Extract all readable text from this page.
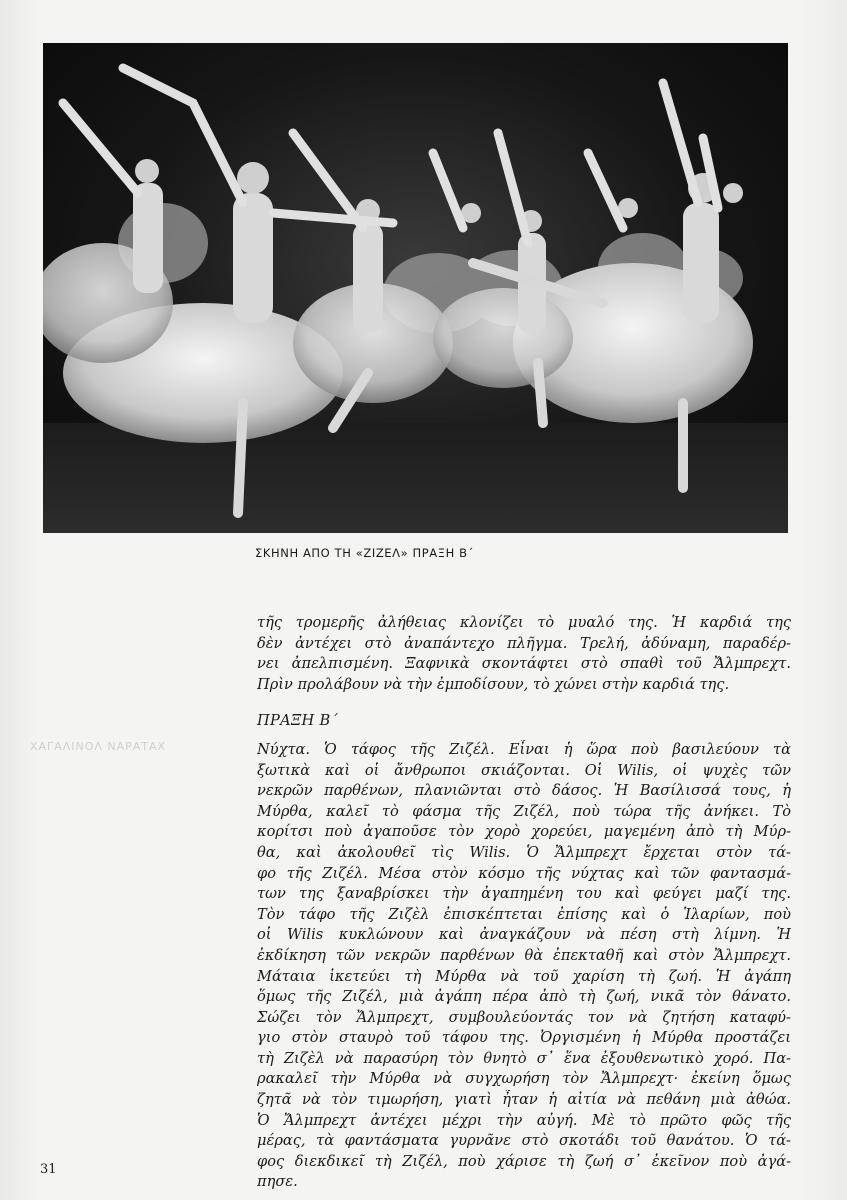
ΣΚΗΝΗ ΑΠΟ ΤΗ «ΖΙΖΕΛ» ΠΡΑΞΗ Β΄
ΧΑΓΑΛΙΝΟΛ ΝΑΡΑΤΑΧ

τῆς τρομερῆς ἀλήθειας κλονίζει τὸ μυαλό της. Ἡ καρδιά της
δὲν ἀντέχει στὸ ἀναπάντεχο πλῆγμα. Τρελή, ἀδύναμη, παραδέρ-
νει ἀπελπισμένη. Ξαφνικὰ σκοντάφτει στὸ σπαθὶ τοῦ Ἄλμπρεχτ.
Πρὶν προλάβουν νὰ τὴν ἐμποδίσουν, τὸ χώνει στὴν καρδιά της.

ΠΡΑΞΗ Β΄

Νύχτα. Ὁ τάφος τῆς Ζιζέλ. Εἶναι ἡ ὥρα ποὺ βασιλεύουν τὰ
ξωτικὰ καὶ οἱ ἄνθρωποι σκιάζονται. Οἱ Wilis, οἱ ψυχὲς τῶν
νεκρῶν παρθένων, πλανιῶνται στὸ δάσος. Ἡ Βασίλισσά τους, ἡ
Μύρθα, καλεῖ τὸ φάσμα τῆς Ζιζέλ, ποὺ τώρα τῆς ἀνήκει. Τὸ
κορίτσι ποὺ ἀγαποῦσε τὸν χορὸ χορεύει, μαγεμένη ἀπὸ τὴ Μύρ-
θα, καὶ ἀκολουθεῖ τὶς Wilis. Ὁ Ἄλμπρεχτ ἔρχεται στὸν τά-
φο τῆς Ζιζέλ. Μέσα στὸν κόσμο τῆς νύχτας καὶ τῶν φαντασμά-
των της ξαναβρίσκει τὴν ἀγαπημένη του καὶ φεύγει μαζί της.
Τὸν τάφο τῆς Ζιζὲλ ἐπισκέπτεται ἐπίσης καὶ ὁ Ἱλαρίων, ποὺ
οἱ Wilis κυκλώνουν καὶ ἀναγκάζουν νὰ πέση στὴ λίμνη. Ἡ
ἐκδίκηση τῶν νεκρῶν παρθένων θὰ ἐπεκταθῆ καὶ στὸν Ἄλμπρεχτ.
Μάταια ἱκετεύει τὴ Μύρθα νὰ τοῦ χαρίση τὴ ζωή. Ἡ ἀγάπη
ὅμως τῆς Ζιζέλ, μιὰ ἀγάπη πέρα ἀπὸ τὴ ζωή, νικᾶ τὸν θάνατο.
Σώζει τὸν Ἄλμπρεχτ, συμβουλεύοντάς τον νὰ ζητήση καταφύ-
γιο στὸν σταυρὸ τοῦ τάφου της. Ὀργισμένη ἡ Μύρθα προστάζει
τὴ Ζιζὲλ νὰ παρασύρη τὸν θνητὸ σ᾽ ἕνα ἐξουθενωτικὸ χορό. Πα-
ρακαλεῖ τὴν Μύρθα νὰ συγχωρήση τὸν Ἄλμπρεχτ· ἐκείνη ὅμως
ζητᾶ νὰ τὸν τιμωρήση, γιατὶ ἦταν ἡ αἰτία νὰ πεθάνη μιὰ ἀθώα.
Ὁ Ἄλμπρεχτ ἀντέχει μέχρι τὴν αὐγή. Μὲ τὸ πρῶτο φῶς τῆς
μέρας, τὰ φαντάσματα γυρνᾶνε στὸ σκοτάδι τοῦ θανάτου. Ὁ τά-
φος διεκδικεῖ τὴ Ζιζέλ, ποὺ χάρισε τὴ ζωή σ᾽ ἐκεῖνον ποὺ ἀγά-
πησε.

31
